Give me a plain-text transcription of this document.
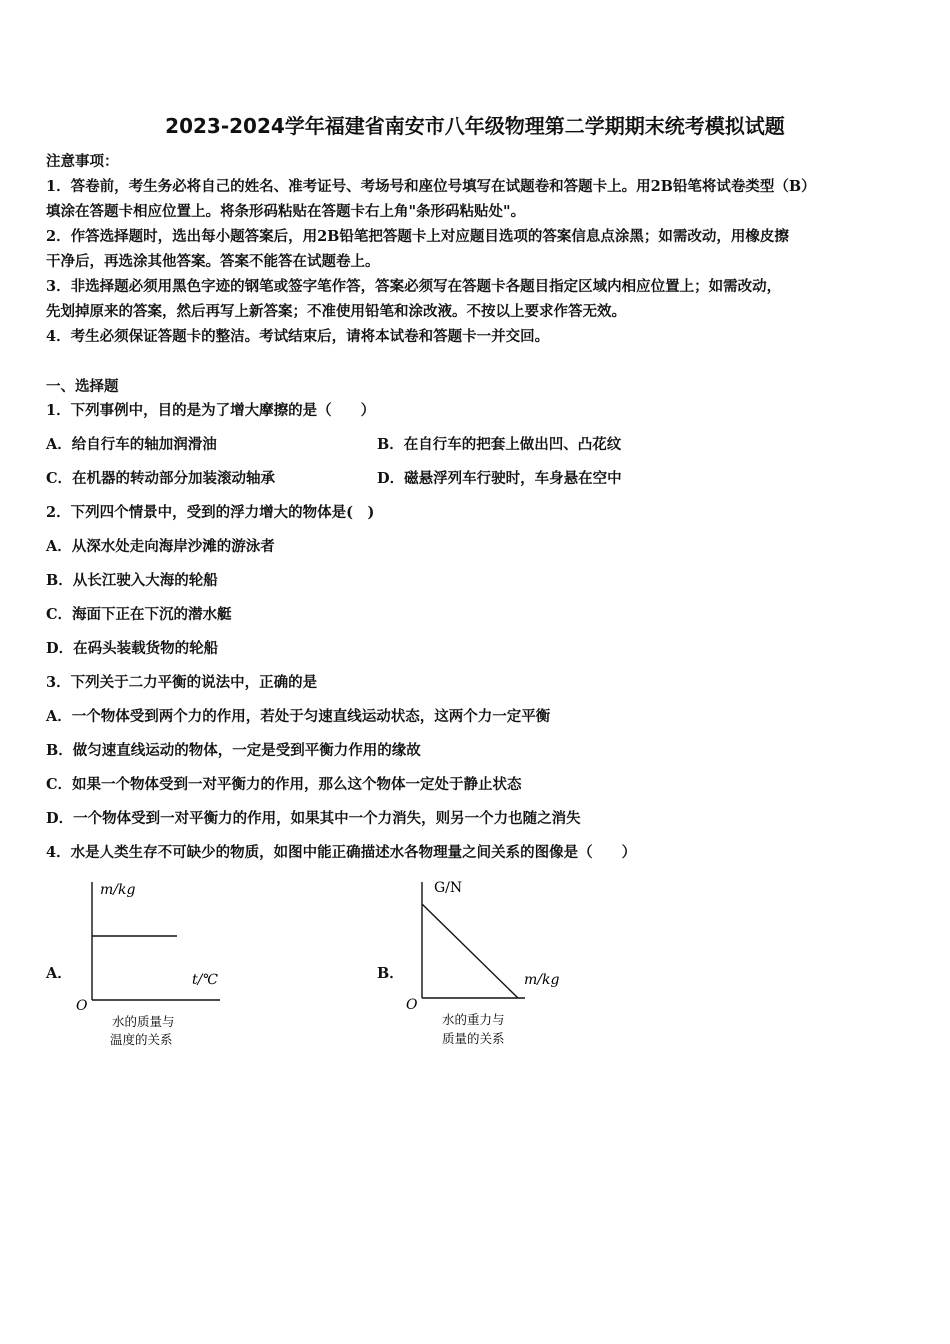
2023-2024学年福建省南安市八年级物理第二学期期末统考模拟试题
注意事项：
1．答卷前，考生务必将自己的姓名、准考证号、考场号和座位号填写在试题卷和答题卡上。用2B铅笔将试卷类型（B）
填涂在答题卡相应位置上。将条形码粘贴在答题卡右上角"条形码粘贴处"。
2．作答选择题时，选出每小题答案后，用2B铅笔把答题卡上对应题目选项的答案信息点涂黑；如需改动，用橡皮擦
干净后，再选涂其他答案。答案不能答在试题卷上。
3．非选择题必须用黑色字迹的钢笔或签字笔作答，答案必须写在答题卡各题目指定区域内相应位置上；如需改动，
先划掉原来的答案，然后再写上新答案；不准使用铅笔和涂改液。不按以上要求作答无效。
4．考生必须保证答题卡的整洁。考试结束后，请将本试卷和答题卡一并交回。
一、选择题
1．下列事例中，目的是为了增大摩擦的是（　　）
A．给自行车的轴加润滑油	B．在自行车的把套上做出凹、凸花纹
C．在机器的转动部分加装滚动轴承	D．磁悬浮列车行驶时，车身悬在空中
2．下列四个情景中，受到的浮力增大的物体是(　)
A．从深水处走向海岸沙滩的游泳者
B．从长江驶入大海的轮船
C．海面下正在下沉的潜水艇
D．在码头装载货物的轮船
3．下列关于二力平衡的说法中，正确的是
A．一个物体受到两个力的作用，若处于匀速直线运动状态，这两个力一定平衡
B．做匀速直线运动的物体，一定是受到平衡力作用的缘故
C．如果一个物体受到一对平衡力的作用，那么这个物体一定处于静止状态
D．一个物体受到一对平衡力的作用，如果其中一个力消失，则另一个力也随之消失
4．水是人类生存不可缺少的物质，如图中能正确描述水各物理量之间关系的图像是（　　）
A．
m/kg
t/℃
O
水的质量与
温度的关系
B．
G/N
m/kg
O
水的重力与
质量的关系
